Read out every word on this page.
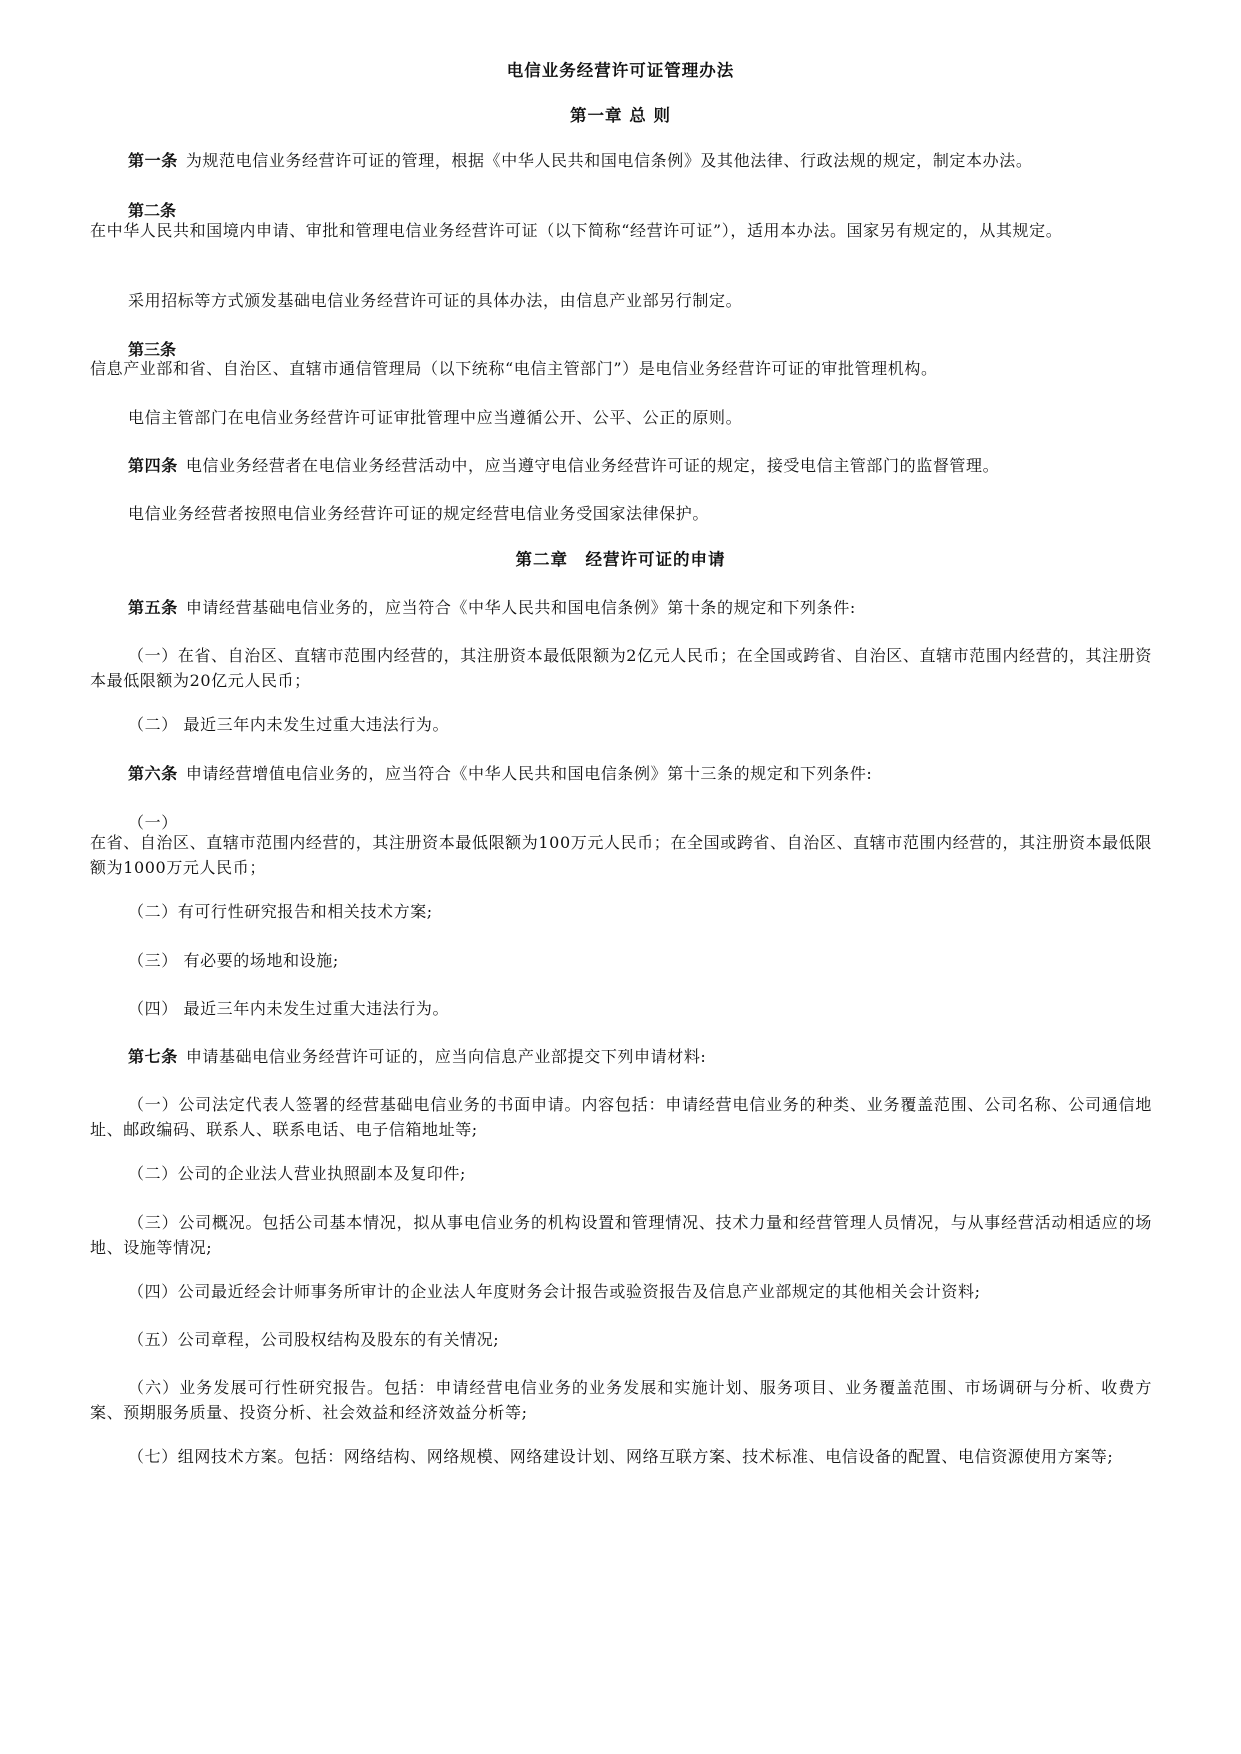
电信业务经营许可证管理办法
第一章 总 则
第一条 为规范电信业务经营许可证的管理，根据《中华人民共和国电信条例》及其他法律、行政法规的规定，制定本办法。
第二条
在中华人民共和国境内申请、审批和管理电信业务经营许可证（以下简称“经营许可证”），适用本办法。国家另有规定的，从其规定。
采用招标等方式颁发基础电信业务经营许可证的具体办法，由信息产业部另行制定。
第三条
信息产业部和省、自治区、直辖市通信管理局（以下统称“电信主管部门”）是电信业务经营许可证的审批管理机构。
电信主管部门在电信业务经营许可证审批管理中应当遵循公开、公平、公正的原则。
第四条 电信业务经营者在电信业务经营活动中，应当遵守电信业务经营许可证的规定，接受电信主管部门的监督管理。
电信业务经营者按照电信业务经营许可证的规定经营电信业务受国家法律保护。
第二章　经营许可证的申请
第五条 申请经营基础电信业务的，应当符合《中华人民共和国电信条例》第十条的规定和下列条件:
（一）在省、自治区、直辖市范围内经营的，其注册资本最低限额为2亿元人民币；在全国或跨省、自治区、直辖市范围内经营的，其注册资本最低限额为20亿元人民币；
（二） 最近三年内未发生过重大违法行为。
第六条 申请经营增值电信业务的，应当符合《中华人民共和国电信条例》第十三条的规定和下列条件:
（一）
在省、自治区、直辖市范围内经营的，其注册资本最低限额为100万元人民币；在全国或跨省、自治区、直辖市范围内经营的，其注册资本最低限额为1000万元人民币；
（二）有可行性研究报告和相关技术方案;
（三） 有必要的场地和设施;
（四） 最近三年内未发生过重大违法行为。
第七条 申请基础电信业务经营许可证的，应当向信息产业部提交下列申请材料:
（一）公司法定代表人签署的经营基础电信业务的书面申请。内容包括：申请经营电信业务的种类、业务覆盖范围、公司名称、公司通信地址、邮政编码、联系人、联系电话、电子信箱地址等;
（二）公司的企业法人营业执照副本及复印件;
（三）公司概况。包括公司基本情况，拟从事电信业务的机构设置和管理情况、技术力量和经营管理人员情况，与从事经营活动相适应的场地、设施等情况;
（四）公司最近经会计师事务所审计的企业法人年度财务会计报告或验资报告及信息产业部规定的其他相关会计资料;
（五）公司章程，公司股权结构及股东的有关情况;
（六）业务发展可行性研究报告。包括：申请经营电信业务的业务发展和实施计划、服务项目、业务覆盖范围、市场调研与分析、收费方案、预期服务质量、投资分析、社会效益和经济效益分析等;
（七）组网技术方案。包括：网络结构、网络规模、网络建设计划、网络互联方案、技术标准、电信设备的配置、电信资源使用方案等;
